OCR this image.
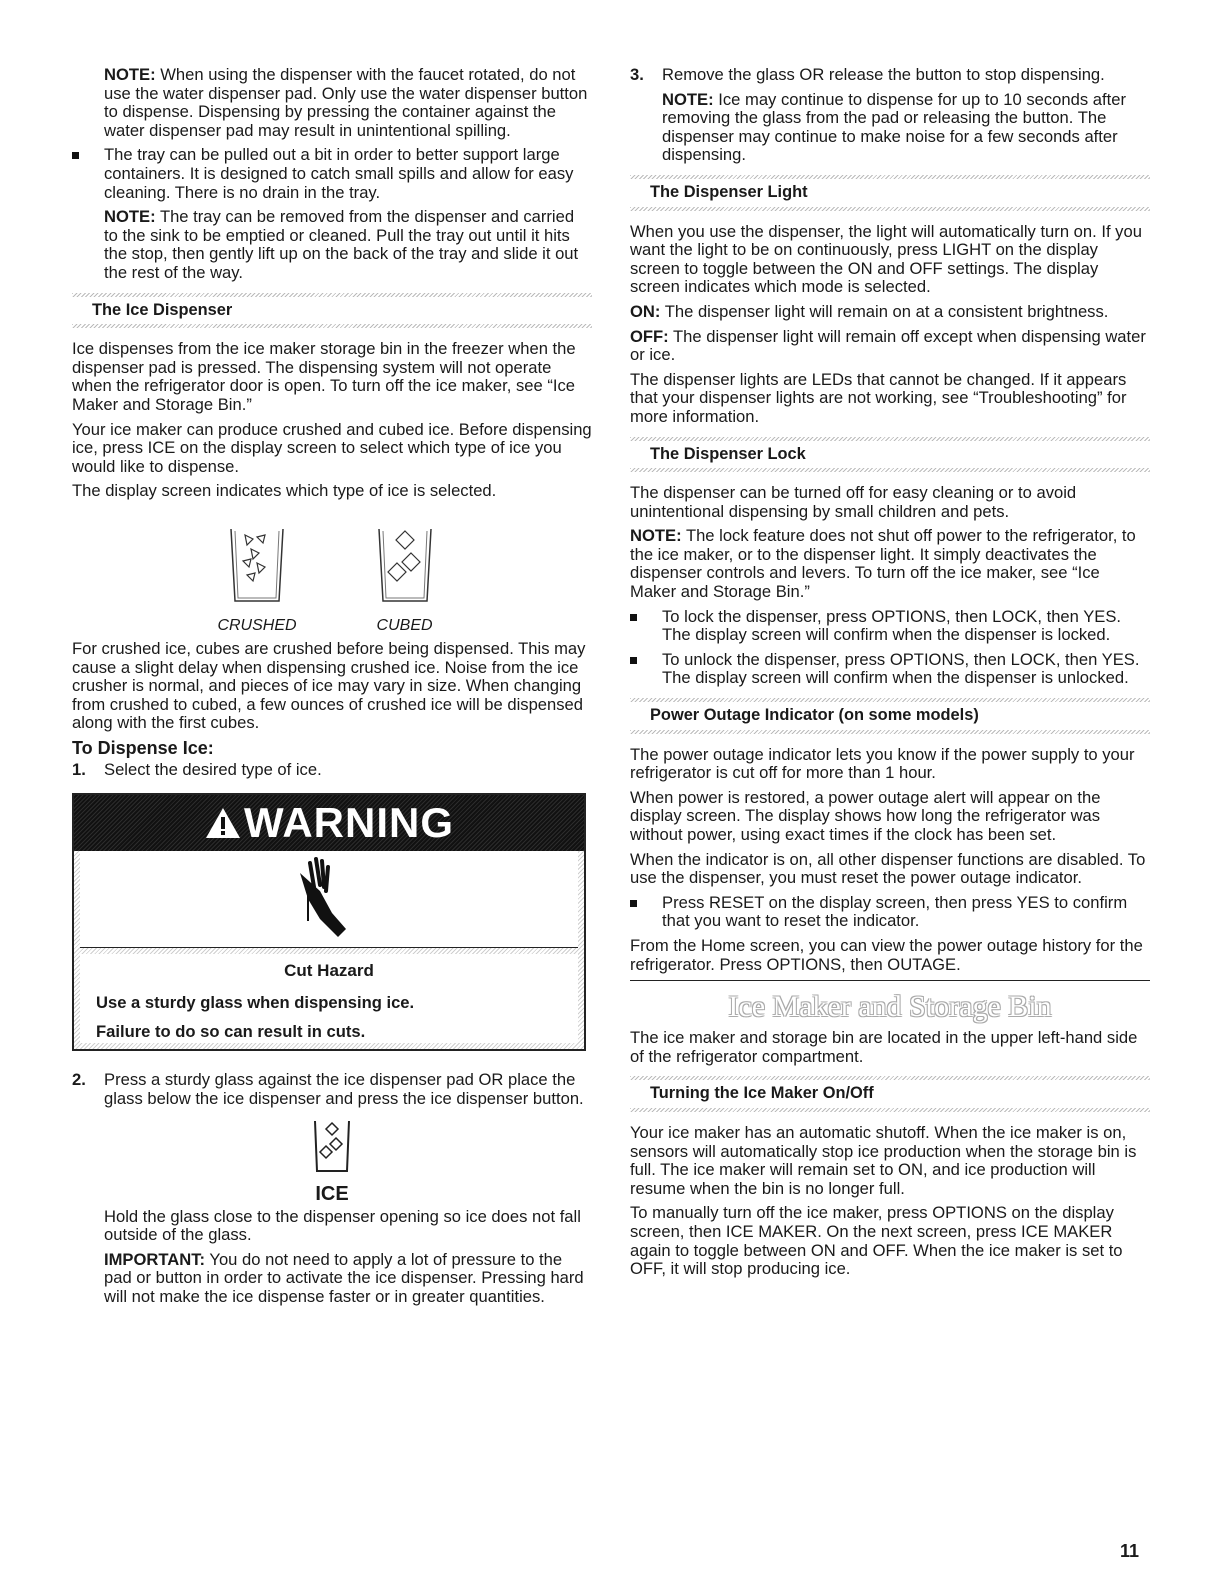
NOTE: When using the dispenser with the faucet rotated, do not use the water dispenser pad. Only use the water dispenser button to dispense. Dispensing by pressing the container against the water dispenser pad may result in unintentional spilling.

The tray can be pulled out a bit in order to better support large containers. It is designed to catch small spills and allow for easy cleaning. There is no drain in the tray.

NOTE: The tray can be removed from the dispenser and carried to the sink to be emptied or cleaned. Pull the tray out until it hits the stop, then gently lift up on the back of the tray and slide it out the rest of the way.

The Ice Dispenser

Ice dispenses from the ice maker storage bin in the freezer when the dispenser pad is pressed. The dispensing system will not operate when the refrigerator door is open. To turn off the ice maker, see “Ice Maker and Storage Bin.”

Your ice maker can produce crushed and cubed ice. Before dispensing ice, press ICE on the display screen to select which type of ice you would like to dispense.

The display screen indicates which type of ice is selected.

CRUSHED	CUBED

For crushed ice, cubes are crushed before being dispensed. This may cause a slight delay when dispensing crushed ice. Noise from the ice crusher is normal, and pieces of ice may vary in size. When changing from crushed to cubed, a few ounces of crushed ice will be dispensed along with the first cubes.

To Dispense Ice:

1. Select the desired type of ice.

WARNING
Cut Hazard
Use a sturdy glass when dispensing ice.
Failure to do so can result in cuts.

2. Press a sturdy glass against the ice dispenser pad OR place the glass below the ice dispenser and press the ice dispenser button.

ICE

Hold the glass close to the dispenser opening so ice does not fall outside of the glass.

IMPORTANT: You do not need to apply a lot of pressure to the pad or button in order to activate the ice dispenser. Pressing hard will not make the ice dispense faster or in greater quantities.

3. Remove the glass OR release the button to stop dispensing.

NOTE: Ice may continue to dispense for up to 10 seconds after removing the glass from the pad or releasing the button. The dispenser may continue to make noise for a few seconds after dispensing.

The Dispenser Light

When you use the dispenser, the light will automatically turn on. If you want the light to be on continuously, press LIGHT on the display screen to toggle between the ON and OFF settings. The display screen indicates which mode is selected.

ON: The dispenser light will remain on at a consistent brightness.

OFF: The dispenser light will remain off except when dispensing water or ice.

The dispenser lights are LEDs that cannot be changed. If it appears that your dispenser lights are not working, see “Troubleshooting” for more information.

The Dispenser Lock

The dispenser can be turned off for easy cleaning or to avoid unintentional dispensing by small children and pets.

NOTE: The lock feature does not shut off power to the refrigerator, to the ice maker, or to the dispenser light. It simply deactivates the dispenser controls and levers. To turn off the ice maker, see “Ice Maker and Storage Bin.”

To lock the dispenser, press OPTIONS, then LOCK, then YES. The display screen will confirm when the dispenser is locked.

To unlock the dispenser, press OPTIONS, then LOCK, then YES. The display screen will confirm when the dispenser is unlocked.

Power Outage Indicator (on some models)

The power outage indicator lets you know if the power supply to your refrigerator is cut off for more than 1 hour.

When power is restored, a power outage alert will appear on the display screen. The display shows how long the refrigerator was without power, using exact times if the clock has been set.

When the indicator is on, all other dispenser functions are disabled. To use the dispenser, you must reset the power outage indicator.

Press RESET on the display screen, then press YES to confirm that you want to reset the indicator.

From the Home screen, you can view the power outage history for the refrigerator. Press OPTIONS, then OUTAGE.

Ice Maker and Storage Bin

The ice maker and storage bin are located in the upper left-hand side of the refrigerator compartment.

Turning the Ice Maker On/Off

Your ice maker has an automatic shutoff. When the ice maker is on, sensors will automatically stop ice production when the storage bin is full. The ice maker will remain set to ON, and ice production will resume when the bin is no longer full.

To manually turn off the ice maker, press OPTIONS on the display screen, then ICE MAKER. On the next screen, press ICE MAKER again to toggle between ON and OFF. When the ice maker is set to OFF, it will stop producing ice.

11
